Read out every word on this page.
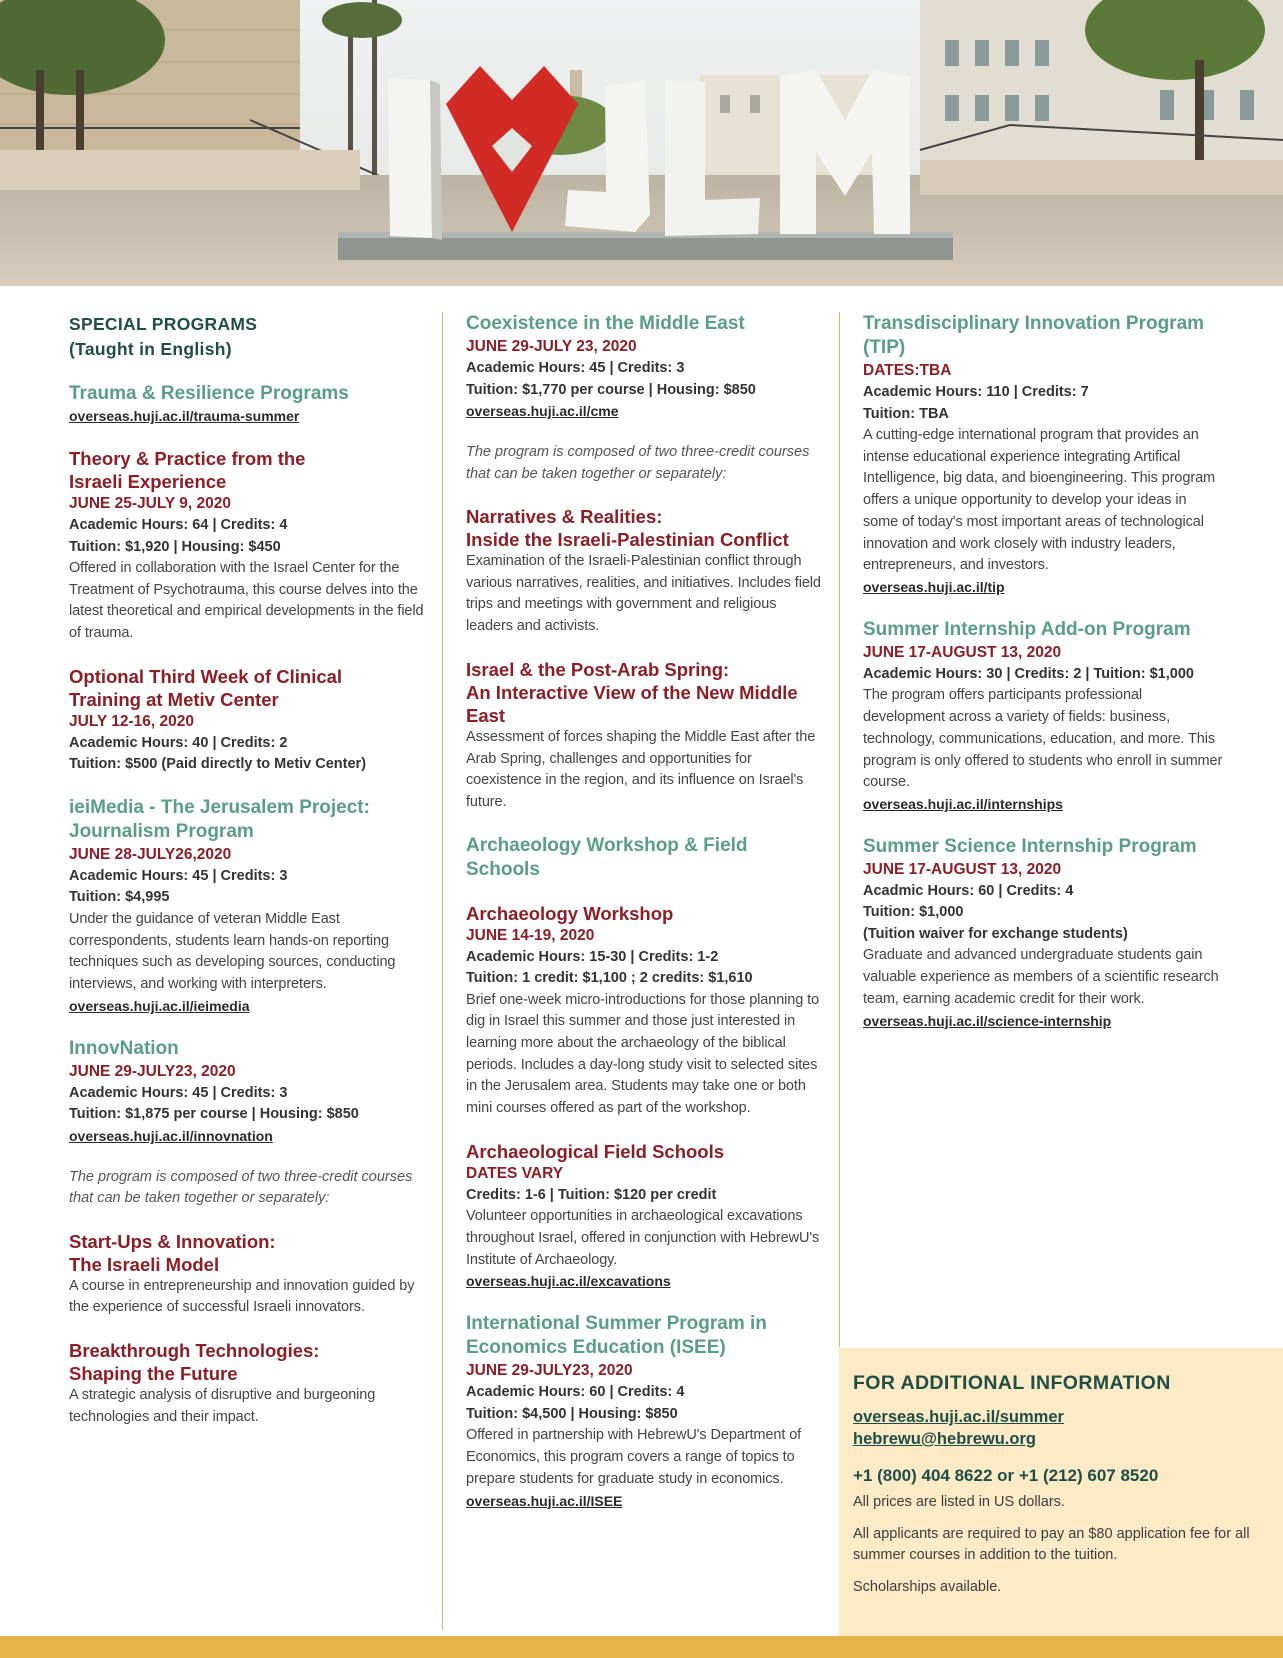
SPECIAL PROGRAMS
(Taught in English)
Trauma & Resilience Programs
overseas.huji.ac.il/trauma-summer
Theory & Practice from the
Israeli Experience
JUNE 25-JULY 9, 2020
Academic Hours: 64 | Credits: 4
Tuition: $1,920 | Housing: $450
Offered in collaboration with the Israel Center for the Treatment of Psychotrauma, this course delves into the latest theoretical and empirical developments in the field of trauma.
Optional Third Week of Clinical
Training at Metiv Center
JULY 12-16, 2020
Academic Hours: 40 | Credits: 2
Tuition: $500 (Paid directly to Metiv Center)
ieiMedia - The Jerusalem Project:
Journalism Program
JUNE 28-JULY26,2020
Academic Hours: 45 | Credits: 3
Tuition: $4,995
Under the guidance of veteran Middle East correspondents, students learn hands-on reporting techniques such as developing sources, conducting interviews, and working with interpreters.
overseas.huji.ac.il/ieimedia
InnovNation
JUNE 29-JULY23, 2020
Academic Hours: 45 | Credits: 3
Tuition: $1,875 per course | Housing: $850
overseas.huji.ac.il/innovnation
The program is composed of two three-credit courses that can be taken together or separately:
Start-Ups & Innovation:
The Israeli Model
A course in entrepreneurship and innovation guided by the experience of successful Israeli innovators.
Breakthrough Technologies:
Shaping the Future
A strategic analysis of disruptive and burgeoning technologies and their impact.
Coexistence in the Middle East
JUNE 29-JULY 23, 2020
Academic Hours: 45 | Credits: 3
Tuition: $1,770 per course | Housing: $850
overseas.huji.ac.il/cme
The program is composed of two three-credit courses that can be taken together or separately:
Narratives & Realities:
Inside the Israeli-Palestinian Conflict
Examination of the Israeli-Palestinian conflict through various narratives, realities, and initiatives. Includes field trips and meetings with government and religious leaders and activists.
Israel & the Post-Arab Spring:
An Interactive View of the New Middle East
Assessment of forces shaping the Middle East after the Arab Spring, challenges and opportunities for coexistence in the region, and its influence on Israel's future.
Archaeology Workshop & Field Schools
Archaeology Workshop
JUNE 14-19, 2020
Academic Hours: 15-30 | Credits: 1-2
Tuition: 1 credit: $1,100 ; 2 credits: $1,610
Brief one-week micro-introductions for those planning to dig in Israel this summer and those just interested in learning more about the archaeology of the biblical periods. Includes a day-long study visit to selected sites in the Jerusalem area. Students may take one or both mini courses offered as part of the workshop.
Archaeological Field Schools
DATES VARY
Credits: 1-6 | Tuition: $120 per credit
Volunteer opportunities in archaeological excavations throughout Israel, offered in conjunction with HebrewU's Institute of Archaeology.
overseas.huji.ac.il/excavations
International Summer Program in
Economics Education (ISEE)
JUNE 29-JULY23, 2020
Academic Hours: 60 | Credits: 4
Tuition: $4,500 | Housing: $850
Offered in partnership with HebrewU's Department of Economics, this program covers a range of topics to prepare students for graduate study in economics.
overseas.huji.ac.il/ISEE
Transdisciplinary Innovation Program
(TIP)
DATES:TBA
Academic Hours: 110 | Credits: 7
Tuition: TBA
A cutting-edge international program that provides an intense educational experience integrating Artifical Intelligence, big data, and bioengineering. This program offers a unique opportunity to develop your ideas in some of today's most important areas of technological innovation and work closely with industry leaders, entrepreneurs, and investors.
overseas.huji.ac.il/tip
Summer Internship Add-on Program
JUNE 17-AUGUST 13, 2020
Academic Hours: 30 | Credits: 2 | Tuition: $1,000
The program offers participants professional development across a variety of fields: business, technology, communications, education, and more. This program is only offered to students who enroll in summer course.
overseas.huji.ac.il/internships
Summer Science Internship Program
JUNE 17-AUGUST 13, 2020
Acadmic Hours: 60 | Credits: 4
Tuition: $1,000
(Tuition waiver for exchange students)
Graduate and advanced undergraduate students gain valuable experience as members of a scientific research team, earning academic credit for their work.
overseas.huji.ac.il/science-internship
FOR ADDITIONAL INFORMATION
overseas.huji.ac.il/summer
hebrewu@hebrewu.org
+1 (800) 404 8622 or +1 (212) 607 8520
All prices are listed in US dollars.
All applicants are required to pay an $80 application fee for all summer courses in addition to the tuition.
Scholarships available.
